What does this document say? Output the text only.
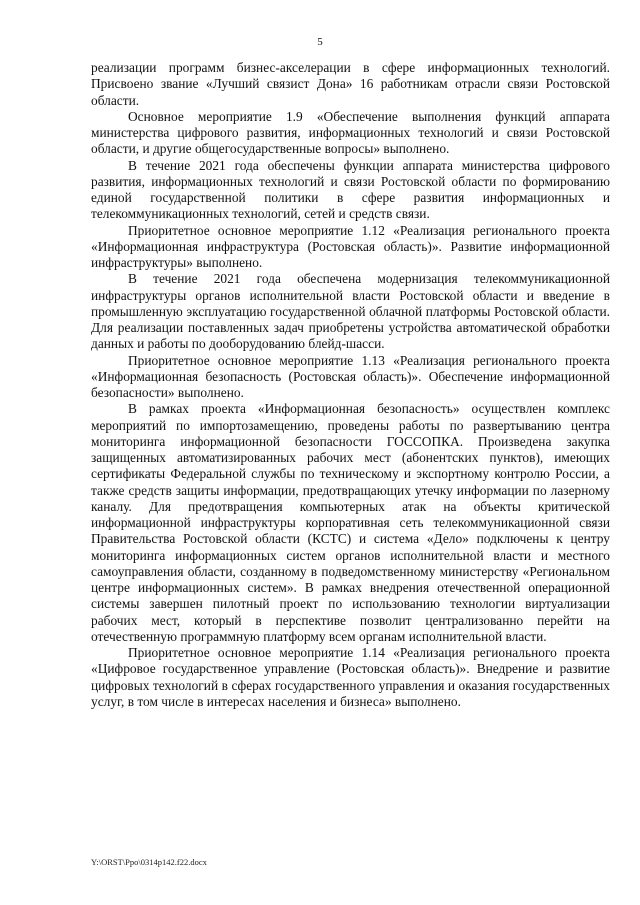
5

реализации программ бизнес-акселерации в сфере информационных технологий. Присвоено звание «Лучший связист Дона» 16 работникам отрасли связи Ростовской области.

Основное мероприятие 1.9 «Обеспечение выполнения функций аппарата министерства цифрового развития, информационных технологий и связи Ростовской области, и другие общегосударственные вопросы» выполнено.

В течение 2021 года обеспечены функции аппарата министерства цифрового развития, информационных технологий и связи Ростовской области по формированию единой государственной политики в сфере развития информационных и телекоммуникационных технологий, сетей и средств связи.

Приоритетное основное мероприятие 1.12 «Реализация регионального проекта «Информационная инфраструктура (Ростовская область)». Развитие информационной инфраструктуры» выполнено.

В течение 2021 года обеспечена модернизация телекоммуникационной инфраструктуры органов исполнительной власти Ростовской области и введение в промышленную эксплуатацию государственной облачной платформы Ростовской области. Для реализации поставленных задач приобретены устройства автоматической обработки данных и работы по дооборудованию блейд-шасси.

Приоритетное основное мероприятие 1.13 «Реализация регионального проекта «Информационная безопасность (Ростовская область)». Обеспечение информационной безопасности» выполнено.

В рамках проекта «Информационная безопасность» осуществлен комплекс мероприятий по импортозамещению, проведены работы по развертыванию центра мониторинга информационной безопасности ГОССОПКА. Произведена закупка защищенных автоматизированных рабочих мест (абонентских пунктов), имеющих сертификаты Федеральной службы по техническому и экспортному контролю России, а также средств защиты информации, предотвращающих утечку информации по лазерному каналу. Для предотвращения компьютерных атак на объекты критической информационной инфраструктуры корпоративная сеть телекоммуникационной связи Правительства Ростовской области (КСТС) и система «Дело» подключены к центру мониторинга информационных систем органов исполнительной власти и местного самоуправления области, созданному в подведомственному министерству «Региональном центре информационных систем». В рамках внедрения отечественной операционной системы завершен пилотный проект по использованию технологии виртуализации рабочих мест, который в перспективе позволит централизованно перейти на отечественную программную платформу всем органам исполнительной власти.

Приоритетное основное мероприятие 1.14 «Реализация регионального проекта «Цифровое государственное управление (Ростовская область)». Внедрение и развитие цифровых технологий в сферах государственного управления и оказания государственных услуг, в том числе в интересах населения и бизнеса» выполнено.

Y:\ORST\Ppo\0314p142.f22.docx
